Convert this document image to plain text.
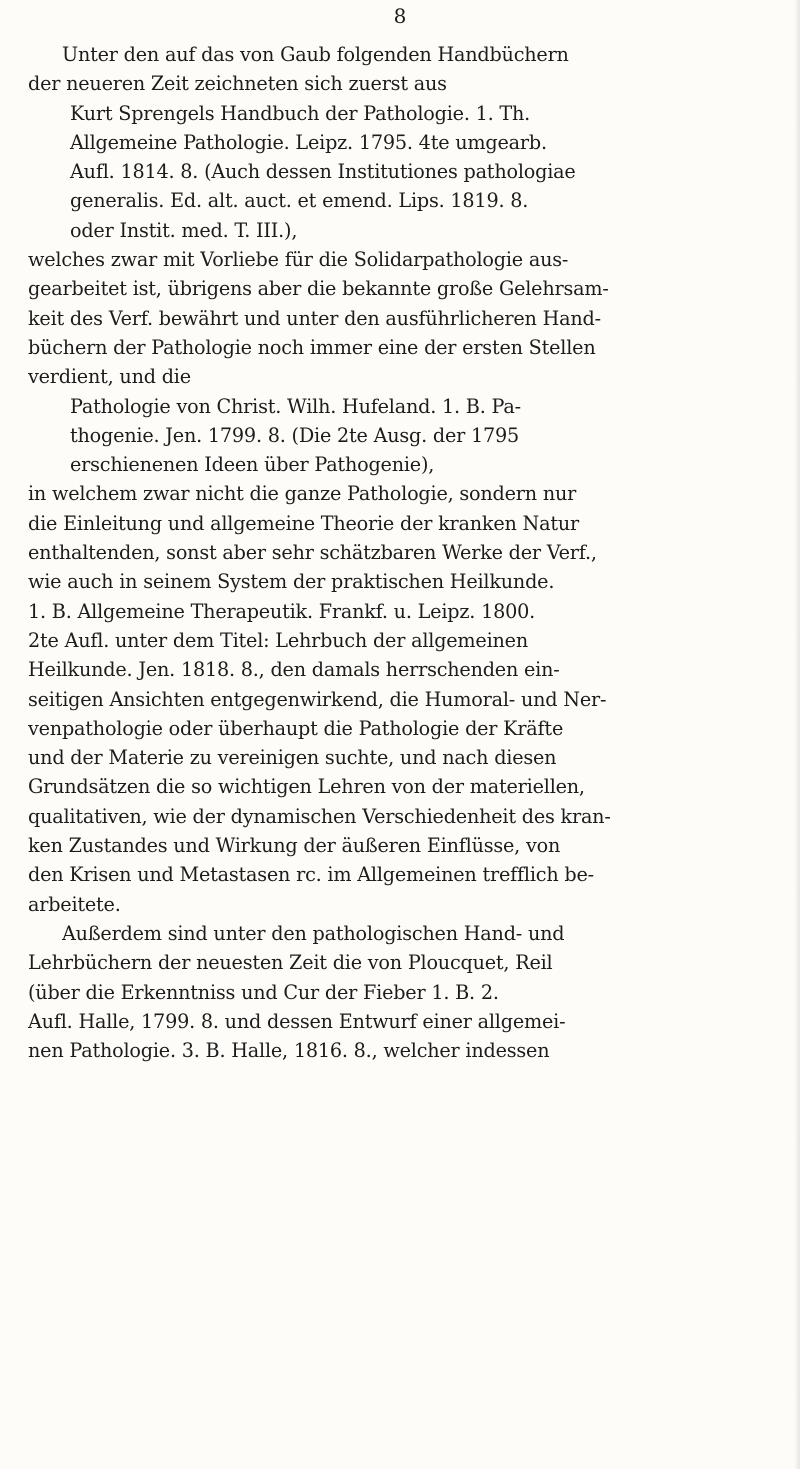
8
Unter den auf das von Gaub folgenden Handbüchern
der neueren Zeit zeichneten sich zuerst aus
Kurt Sprengels Handbuch der Pathologie. 1. Th.
Allgemeine Pathologie. Leipz. 1795. 4te umgearb.
Aufl. 1814. 8. (Auch dessen Institutiones pathologiae
generalis. Ed. alt. auct. et emend. Lips. 1819. 8.
oder Instit. med. T. III.),
welches zwar mit Vorliebe für die Solidarpathologie aus-
gearbeitet ist, übrigens aber die bekannte große Gelehrsam-
keit des Verf. bewährt und unter den ausführlicheren Hand-
büchern der Pathologie noch immer eine der ersten Stellen
verdient, und die
Pathologie von Christ. Wilh. Hufeland. 1. B. Pa-
thogenie. Jen. 1799. 8. (Die 2te Ausg. der 1795
erschienenen Ideen über Pathogenie),
in welchem zwar nicht die ganze Pathologie, sondern nur
die Einleitung und allgemeine Theorie der kranken Natur
enthaltenden, sonst aber sehr schätzbaren Werke der Verf.,
wie auch in seinem System der praktischen Heilkunde.
1. B. Allgemeine Therapeutik. Frankf. u. Leipz. 1800.
2te Aufl. unter dem Titel: Lehrbuch der allgemeinen
Heilkunde. Jen. 1818. 8., den damals herrschenden ein-
seitigen Ansichten entgegenwirkend, die Humoral- und Ner-
venpathologie oder überhaupt die Pathologie der Kräfte
und der Materie zu vereinigen suchte, und nach diesen
Grundsätzen die so wichtigen Lehren von der materiellen,
qualitativen, wie der dynamischen Verschiedenheit des kran-
ken Zustandes und Wirkung der äußeren Einflüsse, von
den Krisen und Metastasen rc. im Allgemeinen trefflich be-
arbeitete.
Außerdem sind unter den pathologischen Hand- und
Lehrbüchern der neuesten Zeit die von Ploucquet, Reil
(über die Erkenntniss und Cur der Fieber 1. B. 2.
Aufl. Halle, 1799. 8. und dessen Entwurf einer allgemei-
nen Pathologie. 3. B. Halle, 1816. 8., welcher indessen
